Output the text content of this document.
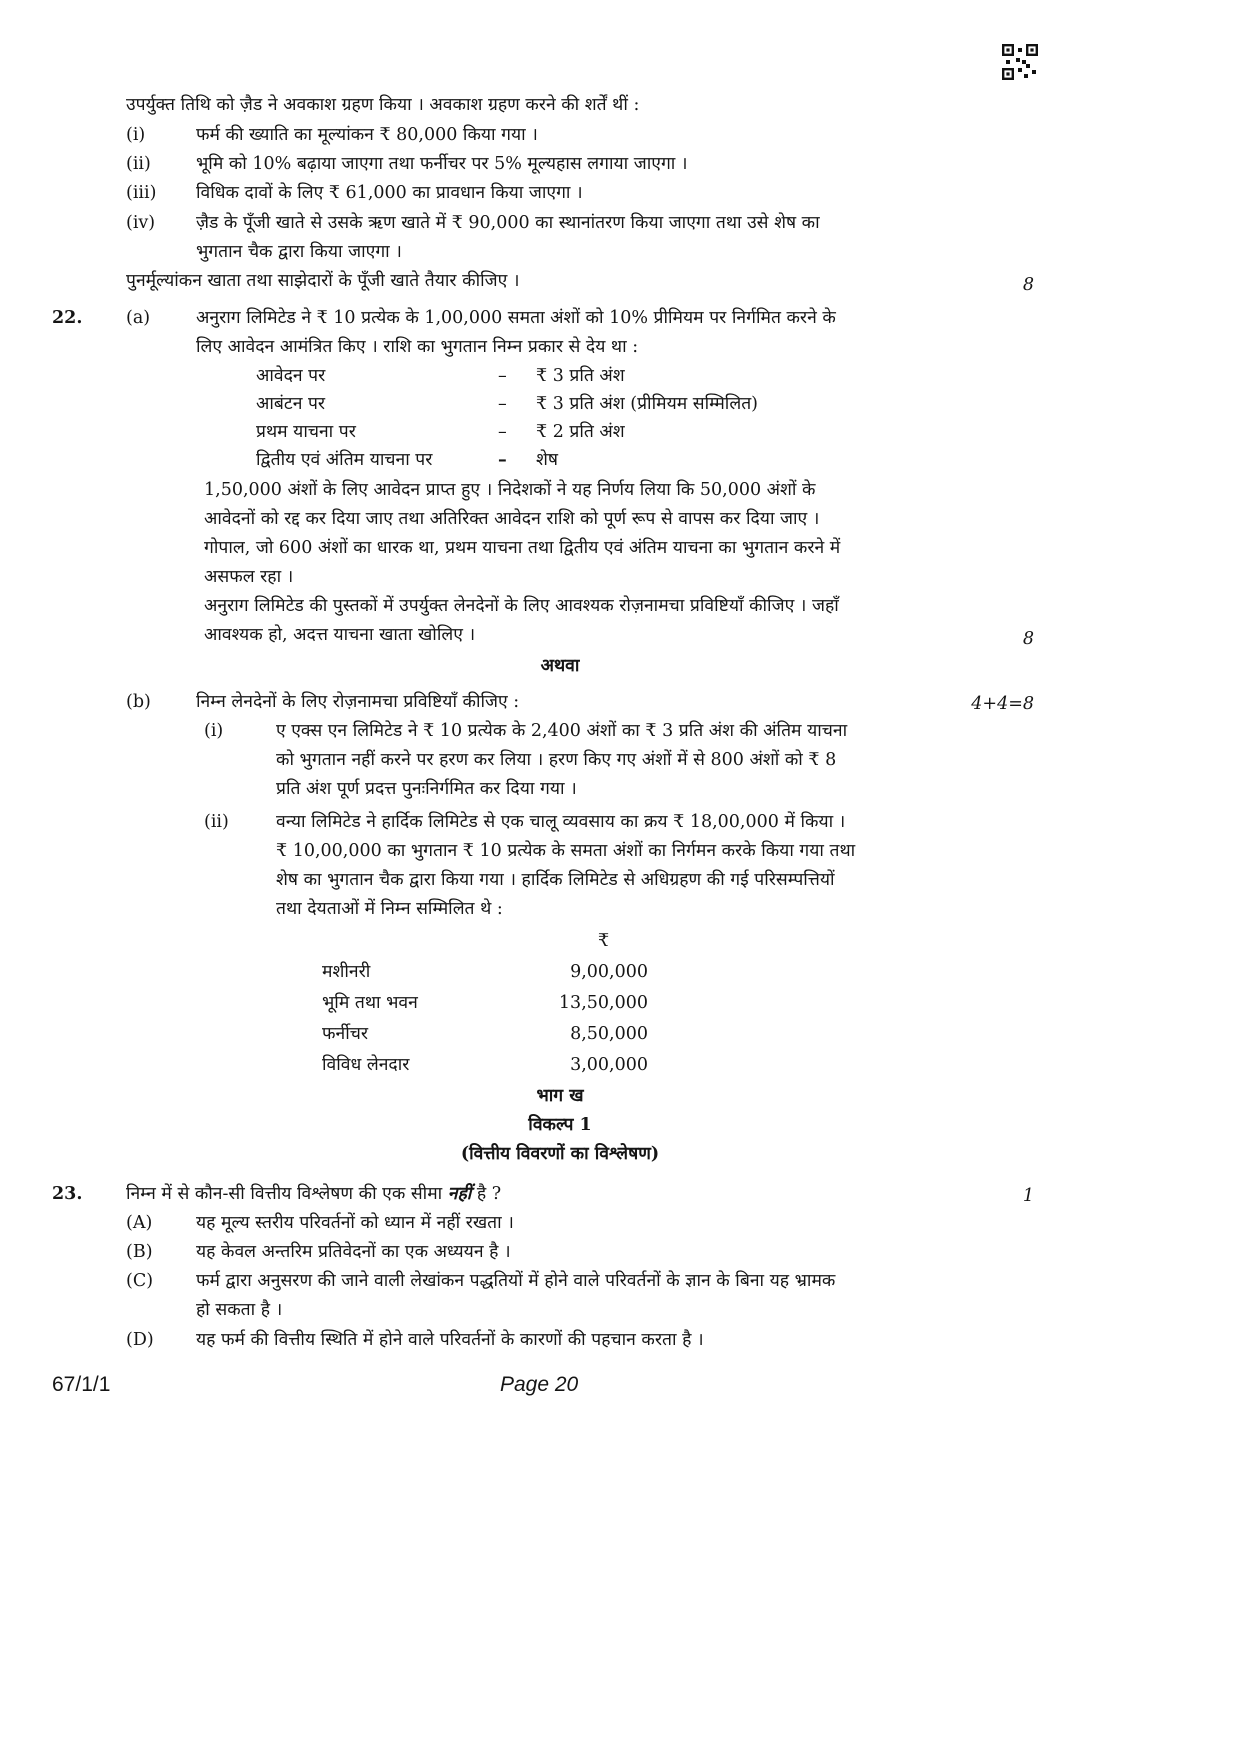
उपर्युक्त तिथि को ज़ैड ने अवकाश ग्रहण किया । अवकाश ग्रहण करने की शर्तें थीं :
(i)	फर्म की ख्याति का मूल्यांकन ₹ 80,000 किया गया ।
(ii)	भूमि को 10% बढ़ाया जाएगा तथा फर्नीचर पर 5% मूल्यहास लगाया जाएगा ।
(iii) विधिक दावों के लिए ₹ 61,000 का प्रावधान किया जाएगा ।
(iv) ज़ैड के पूँजी खाते से उसके ऋण खाते में ₹ 90,000 का स्थानांतरण किया जाएगा तथा उसे शेष का
भुगतान चैक द्वारा किया जाएगा ।
पुनर्मूल्यांकन खाता तथा साझेदारों के पूँजी खाते तैयार कीजिए ।	8
22. (a)	अनुराग लिमिटेड ने ₹ 10 प्रत्येक के 1,00,000 समता अंशों को 10% प्रीमियम पर निर्गमित करने के
लिए आवेदन आमंत्रित किए । राशि का भुगतान निम्न प्रकार से देय था :
आवेदन पर	– ₹ 3 प्रति अंश
आबंटन पर	– ₹ 3 प्रति अंश (प्रीमियम सम्मिलित)
प्रथम याचना पर	– ₹ 2 प्रति अंश
द्वितीय एवं अंतिम याचना पर	– शेष
1,50,000 अंशों के लिए आवेदन प्राप्त हुए । निदेशकों ने यह निर्णय लिया कि 50,000 अंशों के
आवेदनों को रद्द कर दिया जाए तथा अतिरिक्त आवेदन राशि को पूर्ण रूप से वापस कर दिया जाए ।
गोपाल, जो 600 अंशों का धारक था, प्रथम याचना तथा द्वितीय एवं अंतिम याचना का भुगतान करने में
असफल रहा ।
अनुराग लिमिटेड की पुस्तकों में उपर्युक्त लेनदेनों के लिए आवश्यक रोज़नामचा प्रविष्टियाँ कीजिए । जहाँ
आवश्यक हो, अदत्त याचना खाता खोलिए ।	8
अथवा
(b)	निम्न लेनदेनों के लिए रोज़नामचा प्रविष्टियाँ कीजिए :	4+4=8
(i)	ए एक्स एन लिमिटेड ने ₹ 10 प्रत्येक के 2,400 अंशों का ₹ 3 प्रति अंश की अंतिम याचना
को भुगतान नहीं करने पर हरण कर लिया । हरण किए गए अंशों में से 800 अंशों को ₹ 8
प्रति अंश पूर्ण प्रदत्त पुनःनिर्गमित कर दिया गया ।
(ii)	वन्या लिमिटेड ने हार्दिक लिमिटेड से एक चालू व्यवसाय का क्रय ₹ 18,00,000 में किया ।
₹ 10,00,000 का भुगतान ₹ 10 प्रत्येक के समता अंशों का निर्गमन करके किया गया तथा
शेष का भुगतान चैक द्वारा किया गया । हार्दिक लिमिटेड से अधिग्रहण की गई परिसम्पत्तियों
तथा देयताओं में निम्न सम्मिलित थे :
₹
मशीनरी	9,00,000
भूमि तथा भवन	13,50,000
फर्नीचर	8,50,000
विविध लेनदार	3,00,000
भाग ख
विकल्प 1
(वित्तीय विवरणों का विश्लेषण)
23. निम्न में से कौन-सी वित्तीय विश्लेषण की एक सीमा नहीं है ?	1
(A) यह मूल्य स्तरीय परिवर्तनों को ध्यान में नहीं रखता ।
(B) यह केवल अन्तरिम प्रतिवेदनों का एक अध्ययन है ।
(C) फर्म द्वारा अनुसरण की जाने वाली लेखांकन पद्धतियों में होने वाले परिवर्तनों के ज्ञान के बिना यह भ्रामक
हो सकता है ।
(D) यह फर्म की वित्तीय स्थिति में होने वाले परिवर्तनों के कारणों की पहचान करता है ।
67/1/1	Page 20
